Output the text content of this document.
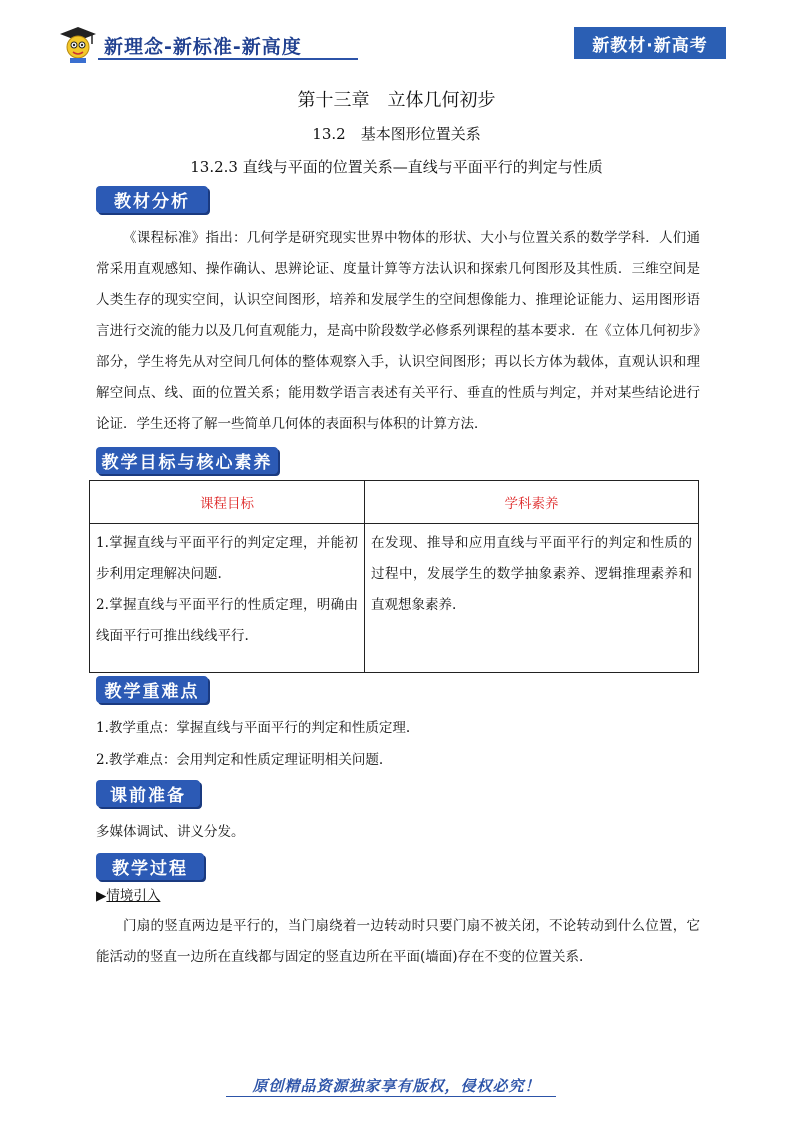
新理念-新标准-新高度	新教材·新高考
第十三章　立体几何初步
13.2　基本图形位置关系
13.2.3 直线与平面的位置关系—直线与平面平行的判定与性质
教材分析
《课程标准》指出：几何学是研究现实世界中物体的形状、大小与位置关系的数学学科．人们通常采用直观感知、操作确认、思辨论证、度量计算等方法认识和探索几何图形及其性质．三维空间是人类生存的现实空间，认识空间图形，培养和发展学生的空间想像能力、推理论证能力、运用图形语言进行交流的能力以及几何直观能力，是高中阶段数学必修系列课程的基本要求．在《立体几何初步》部分，学生将先从对空间几何体的整体观察入手，认识空间图形；再以长方体为载体，直观认识和理解空间点、线、面的位置关系；能用数学语言表述有关平行、垂直的性质与判定，并对某些结论进行论证．学生还将了解一些简单几何体的表面积与体积的计算方法．
教学目标与核心素养
课程目标	学科素养

1.掌握直线与平面平行的判定定理，并能初步利用定理解决问题.
2.掌握直线与平面平行的性质定理，明确由线面平行可推出线线平行.	在发现、推导和应用直线与平面平行的判定和性质的过程中，发展学生的数学抽象素养、逻辑推理素养和直观想象素养.
教学重难点
1.教学重点：掌握直线与平面平行的判定和性质定理.
2.教学难点：会用判定和性质定理证明相关问题.
课前准备
多媒体调试、讲义分发。
教学过程
▶情境引入
门扇的竖直两边是平行的，当门扇绕着一边转动时只要门扇不被关闭，不论转动到什么位置，它能活动的竖直一边所在直线都与固定的竖直边所在平面(墙面)存在不变的位置关系.
原创精品资源独家享有版权，侵权必究！
